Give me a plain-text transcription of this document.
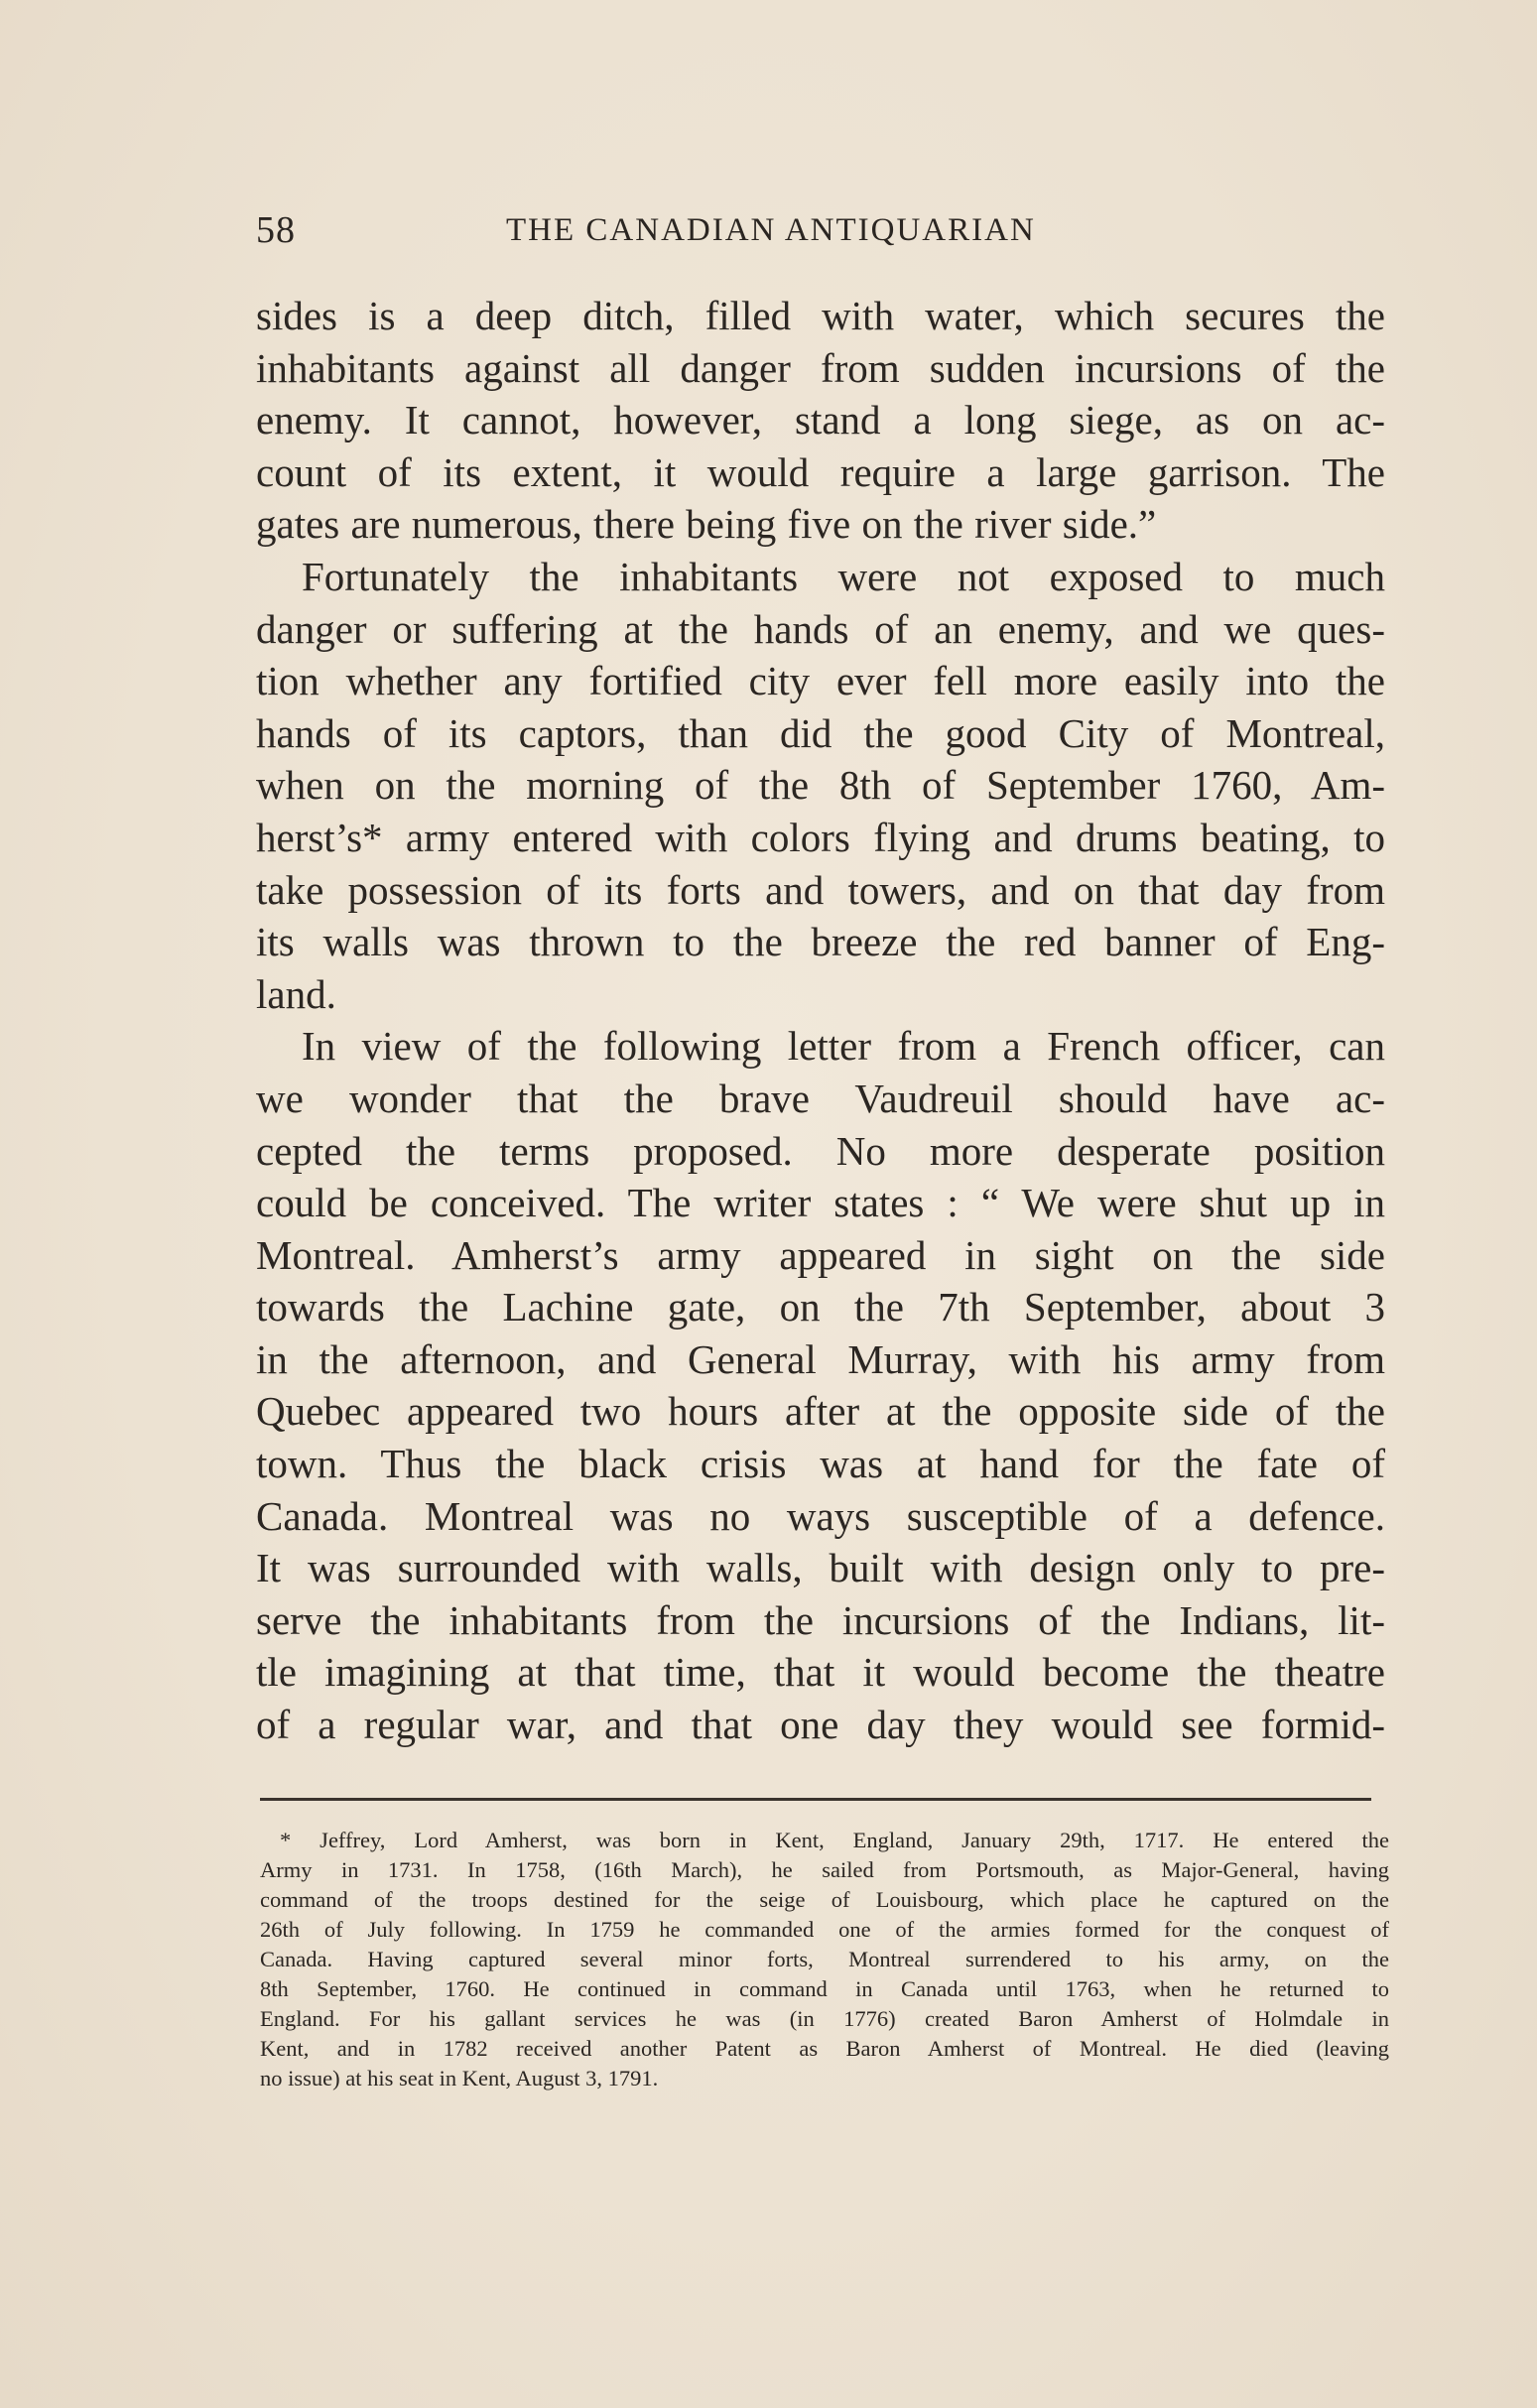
58	THE CANADIAN ANTIQUARIAN
sides is a deep ditch, filled with water, which secures the
inhabitants against all danger from sudden incursions of the
enemy. It cannot, however, stand a long siege, as on ac-
count of its extent, it would require a large garrison. The
gates are numerous, there being five on the river side.”
Fortunately the inhabitants were not exposed to much
danger or suffering at the hands of an enemy, and we ques-
tion whether any fortified city ever fell more easily into the
hands of its captors, than did the good City of Montreal,
when on the morning of the 8th of September 1760, Am-
herst’s* army entered with colors flying and drums beating, to
take possession of its forts and towers, and on that day from
its walls was thrown to the breeze the red banner of Eng-
land.
In view of the following letter from a French officer, can
we wonder that the brave Vaudreuil should have ac-
cepted the terms proposed. No more desperate position
could be conceived. The writer states : “ We were shut up in
Montreal. Amherst’s army appeared in sight on the side
towards the Lachine gate, on the 7th September, about 3
in the afternoon, and General Murray, with his army from
Quebec appeared two hours after at the opposite side of the
town. Thus the black crisis was at hand for the fate of
Canada. Montreal was no ways susceptible of a defence.
It was surrounded with walls, built with design only to pre-
serve the inhabitants from the incursions of the Indians, lit-
tle imagining at that time, that it would become the theatre
of a regular war, and that one day they would see formid-
* Jeffrey, Lord Amherst, was born in Kent, England, January 29th, 1717. He entered the
Army in 1731. In 1758, (16th March), he sailed from Portsmouth, as Major-General, having
command of the troops destined for the seige of Louisbourg, which place he captured on the
26th of July following. In 1759 he commanded one of the armies formed for the conquest of
Canada. Having captured several minor forts, Montreal surrendered to his army, on the
8th September, 1760. He continued in command in Canada until 1763, when he returned to
England. For his gallant services he was (in 1776) created Baron Amherst of Holmdale in
Kent, and in 1782 received another Patent as Baron Amherst of Montreal. He died (leaving
no issue) at his seat in Kent, August 3, 1791.
